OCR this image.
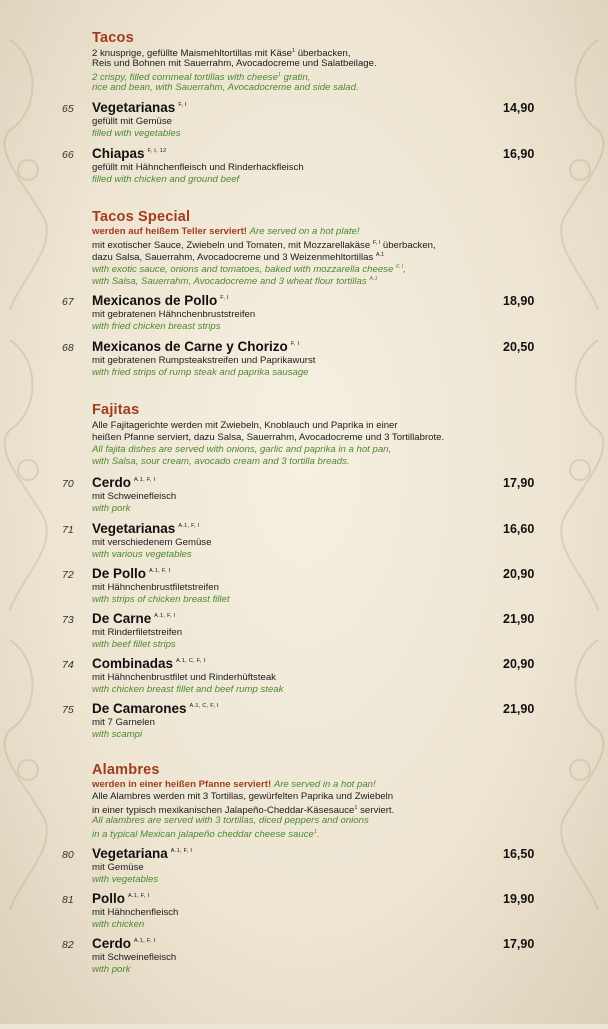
Tacos
2 knusprige, gefüllte Maismehltortillas mit Käse$^1$ überbacken,
Reis und Bohnen mit Sauerrahm, Avocadocreme und Salatbeilage.
2 crispy, filled cornmeal tortillas with cheese$^1$ gratin,
rice and bean, with Sauerrahm, Avocadocreme and side salad.
65 Vegetarianas $^{F, I}$
gefüllt mit Gemüse
filled with vegetables
14,90
66 Chiapas $^{F, I, 12}$
gefüllt mit Hähnchenfleisch und Rinderhackfleisch
filled with chicken and ground beef
16,90
Tacos Special
werden auf heißem Teller serviert! Are served on a hot plate!
mit exotischer Sauce, Zwiebeln und Tomaten, mit Mozzarellakäse $^{F, I}$ überbacken,
dazu Salsa, Sauerrahm, Avocadocreme und 3 Weizenmehltortillas $^{A.1}$
with exotic sauce, onions and tomatoes, baked with mozzarella cheese $^{F, I}$,
with Salsa, Sauerrahm, Avocadocreme and 3 wheat flour tortillas $^{A.1}$
67 Mexicanos de Pollo $^{F, I}$
mit gebratenen Hähnchenbruststreifen
with fried chicken breast strips
18,90
68 Mexicanos de Carne y Chorizo $^{F, I}$
mit gebratenen Rumpsteakstreifen und Paprikawurst
with fried strips of rump steak and paprika sausage
20,50
Fajitas
Alle Fajitagerichte werden mit Zwiebeln, Knoblauch und Paprika in einer
heißen Pfanne serviert, dazu Salsa, Sauerrahm, Avocadocreme und 3 Tortillabrote.
All fajita dishes are served with onions, garlic and paprika in a hot pan,
with Salsa, sour cream, avocado cream and 3 tortilla breads.
70 Cerdo $^{A.1, F, I}$
mit Schweinefleisch
with pork
17,90
71 Vegetarianas $^{A.1, F, I}$
mit verschiedenem Gemüse
with various vegetables
16,60
72 De Pollo $^{A.1, F, I}$
mit Hähnchenbrustfiletstreifen
with strips of chicken breast fillet
20,90
73 De Carne $^{A.1, F, I}$
mit Rinderfiletstreifen
with beef fillet strips
21,90
74 Combinadas $^{A.1, C, F, I}$
mit Hähnchenbrustfilet und Rinderhüftsteak
with chicken breast fillet and beef rump steak
20,90
75 De Camarones $^{A.1, C, F, I}$
mit 7 Garnelen
with scampi
21,90
Alambres
werden in einer heißen Pfanne serviert! Are served in a hot pan!
Alle Alambres werden mit 3 Tortillas, gewürfelten Paprika und Zwiebeln
in einer typisch mexikanischen Jalapeño-Cheddar-Käsesauce$^1$ serviert.
All alambres are served with 3 tortillas, diced peppers and onions
in a typical Mexican jalapeño cheddar cheese sauce$^1$.
80 Vegetariana $^{A.1, F, I}$
mit Gemüse
with vegetables
16,50
81 Pollo $^{A.1, F, I}$
mit Hähnchenfleisch
with chicken
19,90
82 Cerdo $^{A.1, F, I}$
mit Schweinefleisch
with pork
17,90
